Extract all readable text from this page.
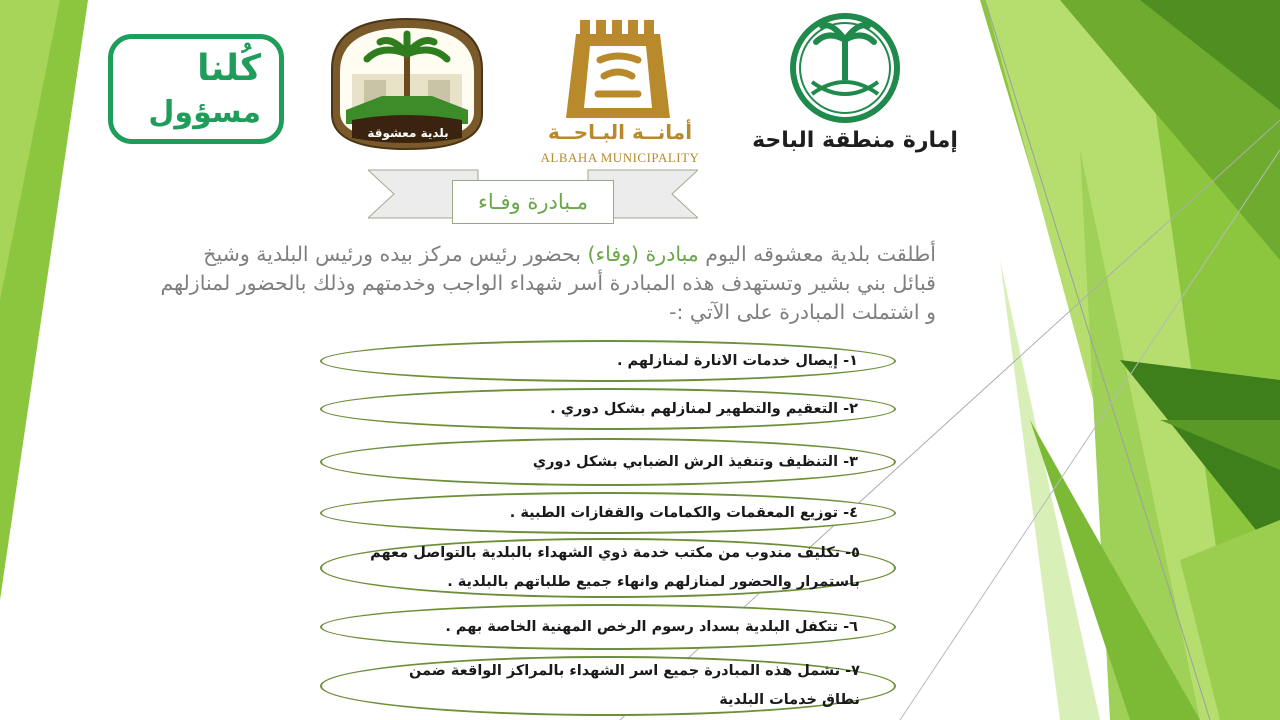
كُلنا
مسؤول
بلدية معشوقة	أمانــة البـاحــة
ALBAHA MUNICIPALITY
إمارة منطقة الباحة
مـبادرة وفـاء
أطلقت بلدية معشوقه اليوم مبادرة (وفاء) بحضور رئيس مركز بيده ورئيس البلدية وشيخ قبائل بني بشير وتستهدف هذه المبادرة أسر شهداء الواجب وخدمتهم وذلك بالحضور لمنازلهم و اشتملت المبادرة على الآتي :-
١- إيصال خدمات الانارة لمنازلهم .
٢- التعقيم والتطهير لمنازلهم بشكل دوري .
٣- التنظيف وتنفيذ الرش الضبابي بشكل دوري
٤- توزيع المعقمات والكمامات والقفازات الطبية .
٥- تكليف مندوب من مكتب خدمة ذوي الشهداء بالبلدية بالتواصل معهم باستمرار والحضور لمنازلهم وانهاء جميع طلباتهم بالبلدية .
٦- تتكفل البلدية بسداد رسوم الرخص المهنية الخاصة بهم .
٧- تشمل هذه المبادرة جميع اسر الشهداء بالمراكز الواقعة ضمن نطاق خدمات البلدية
